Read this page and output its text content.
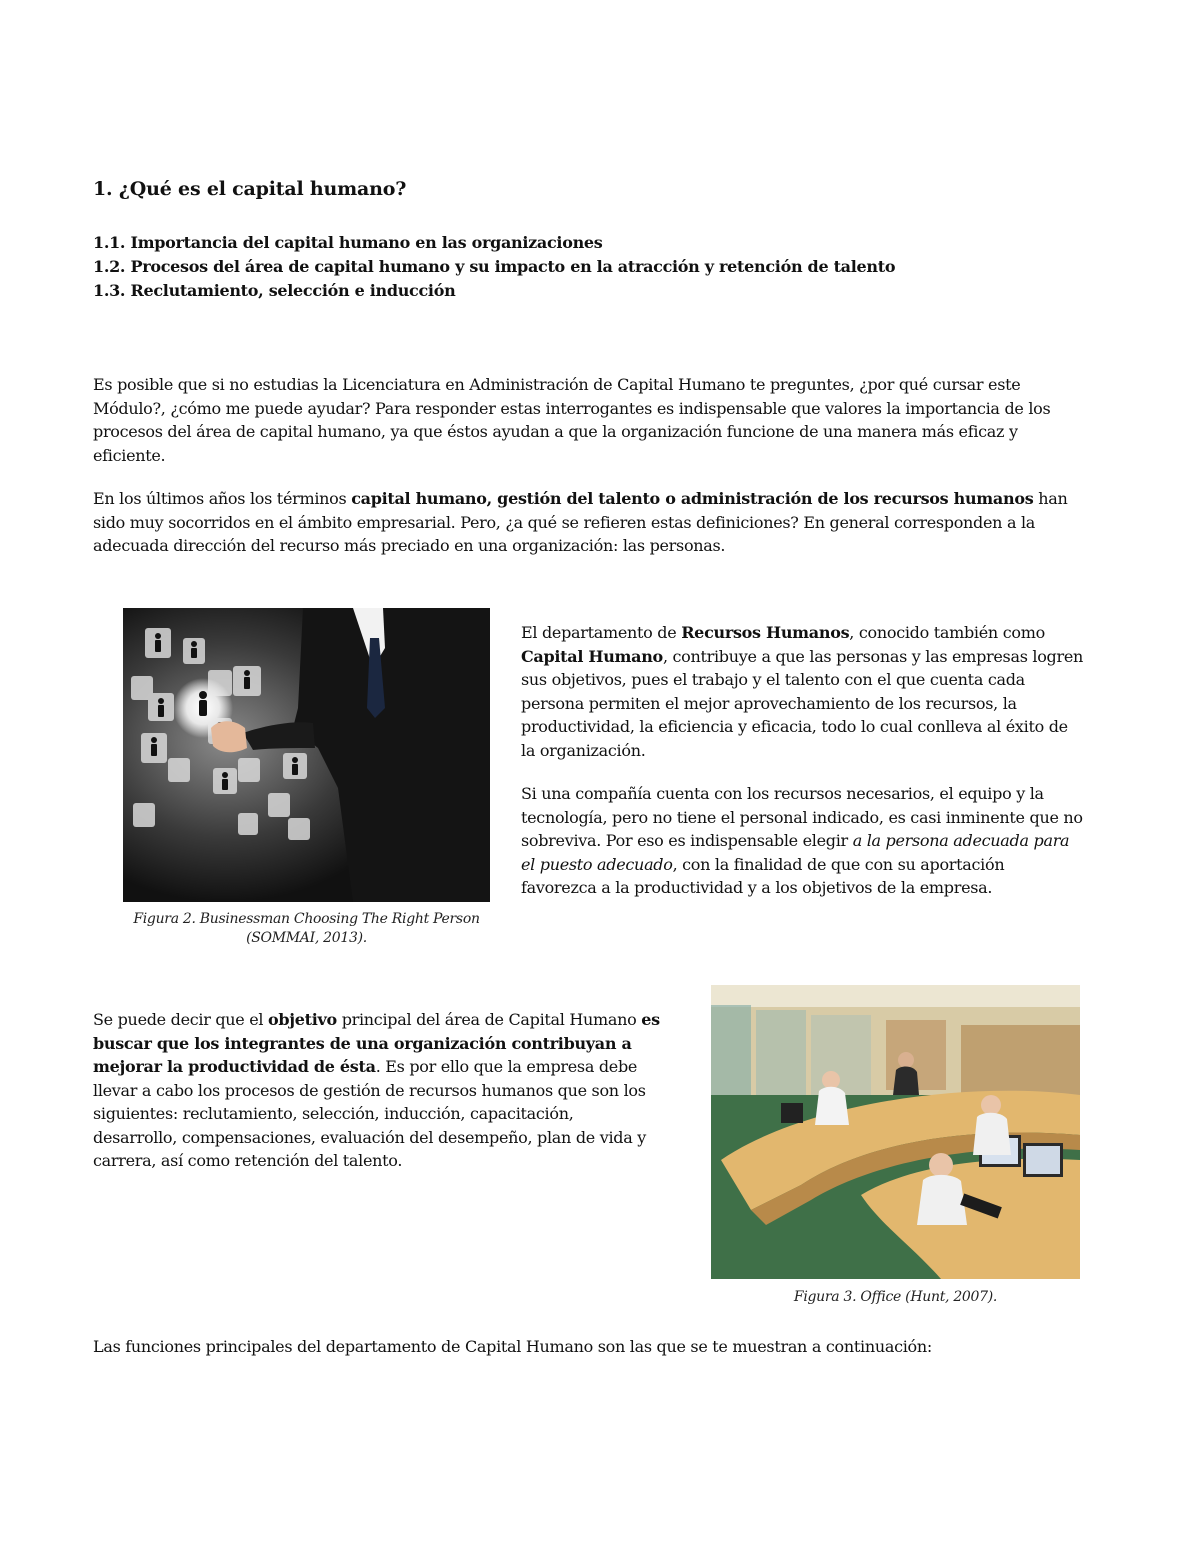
1. ¿Qué es el capital humano?
1.1. Importancia del capital humano en las organizaciones
1.2. Procesos del área de capital humano y su impacto en la atracción y retención de talento
1.3. Reclutamiento, selección e inducción
Es posible que si no estudias la Licenciatura en Administración de Capital Humano te preguntes, ¿por qué cursar este
Módulo?, ¿cómo me puede ayudar? Para responder estas interrogantes es indispensable que valores la importancia de los
procesos del área de capital humano, ya que éstos ayudan a que la organización funcione de una manera más eficaz y
eficiente.
En los últimos años los términos capital humano, gestión del talento o administración de los recursos humanos han
sido muy socorridos en el ámbito empresarial. Pero, ¿a qué se refieren estas definiciones? En general corresponden a la
adecuada dirección del recurso más preciado en una organización: las personas.
Figura 2. Businessman Choosing The Right Person
(SOMMAI, 2013).
El departamento de Recursos Humanos, conocido también como
Capital Humano, contribuye a que las personas y las empresas logren
sus objetivos, pues el trabajo y el talento con el que cuenta cada
persona permiten el mejor aprovechamiento de los recursos, la
productividad, la eficiencia y eficacia, todo lo cual conlleva al éxito de
la organización.
Si una compañía cuenta con los recursos necesarios, el equipo y la
tecnología, pero no tiene el personal indicado, es casi inminente que no
sobreviva. Por eso es indispensable elegir a la persona adecuada para
el puesto adecuado, con la finalidad de que con su aportación
favorezca a la productividad y a los objetivos de la empresa.
Se puede decir que el objetivo principal del área de Capital Humano es
buscar que los integrantes de una organización contribuyan a
mejorar la productividad de ésta. Es por ello que la empresa debe
llevar a cabo los procesos de gestión de recursos humanos que son los
siguientes: reclutamiento, selección, inducción, capacitación,
desarrollo, compensaciones, evaluación del desempeño, plan de vida y
carrera, así como retención del talento.
Figura 3. Office (Hunt, 2007).
Las funciones principales del departamento de Capital Humano son las que se te muestran a continuación:
